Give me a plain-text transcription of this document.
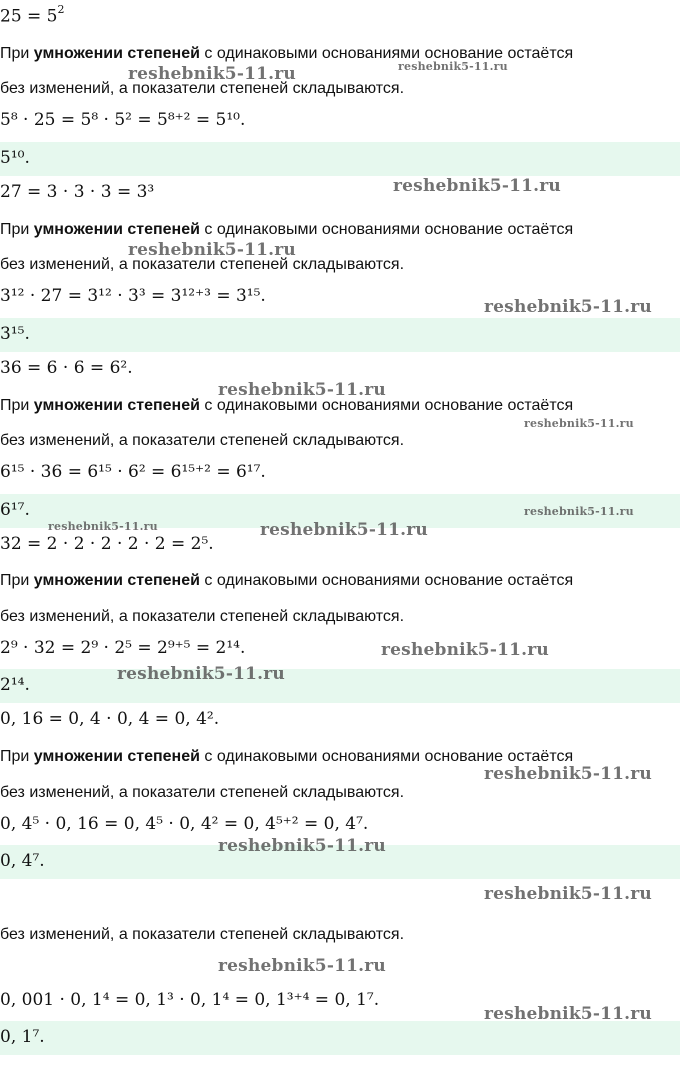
$25 = 5^2$
При умножении степеней с одинаковыми основаниями основание остаётся
без изменений, а показатели степеней складываются.
5⁸ · 25 = 5⁸ · 5² = 5⁸⁺² = 5¹⁰.
5¹⁰.
27 = 3 · 3 · 3 = 3³
При умножении степеней с одинаковыми основаниями основание остаётся
без изменений, а показатели степеней складываются.
3¹² · 27 = 3¹² · 3³ = 3¹²⁺³ = 3¹⁵.
3¹⁵.
36 = 6 · 6 = 6².
При умножении степеней с одинаковыми основаниями основание остаётся
без изменений, а показатели степеней складываются.
6¹⁵ · 36 = 6¹⁵ · 6² = 6¹⁵⁺² = 6¹⁷.
6¹⁷.
32 = 2 · 2 · 2 · 2 · 2 = 2⁵.
При умножении степеней с одинаковыми основаниями основание остаётся
без изменений, а показатели степеней складываются.
2⁹ · 32 = 2⁹ · 2⁵ = 2⁹⁺⁵ = 2¹⁴.
2¹⁴.
0, 16 = 0, 4 · 0, 4 = 0, 4².
При умножении степеней с одинаковыми основаниями основание остаётся
без изменений, а показатели степеней складываются.
0, 4⁵ · 0, 16 = 0, 4⁵ · 0, 4² = 0, 4⁵⁺² = 0, 4⁷.
0, 4⁷.
без изменений, а показатели степеней складываются.
0, 001 · 0, 1⁴ = 0, 1³ · 0, 1⁴ = 0, 1³⁺⁴ = 0, 1⁷.
0, 1⁷.
reshebnik5-11.ru	reshebnik5-11.ru
reshebnik5-11.ru
reshebnik5-11.ru
reshebnik5-11.ru
reshebnik5-11.ru
reshebnik5-11.ru
reshebnik5-11.ru
reshebnik5-11.ru	reshebnik5-11.ru
reshebnik5-11.ru
reshebnik5-11.ru
reshebnik5-11.ru
reshebnik5-11.ru
reshebnik5-11.ru
reshebnik5-11.ru
reshebnik5-11.ru
